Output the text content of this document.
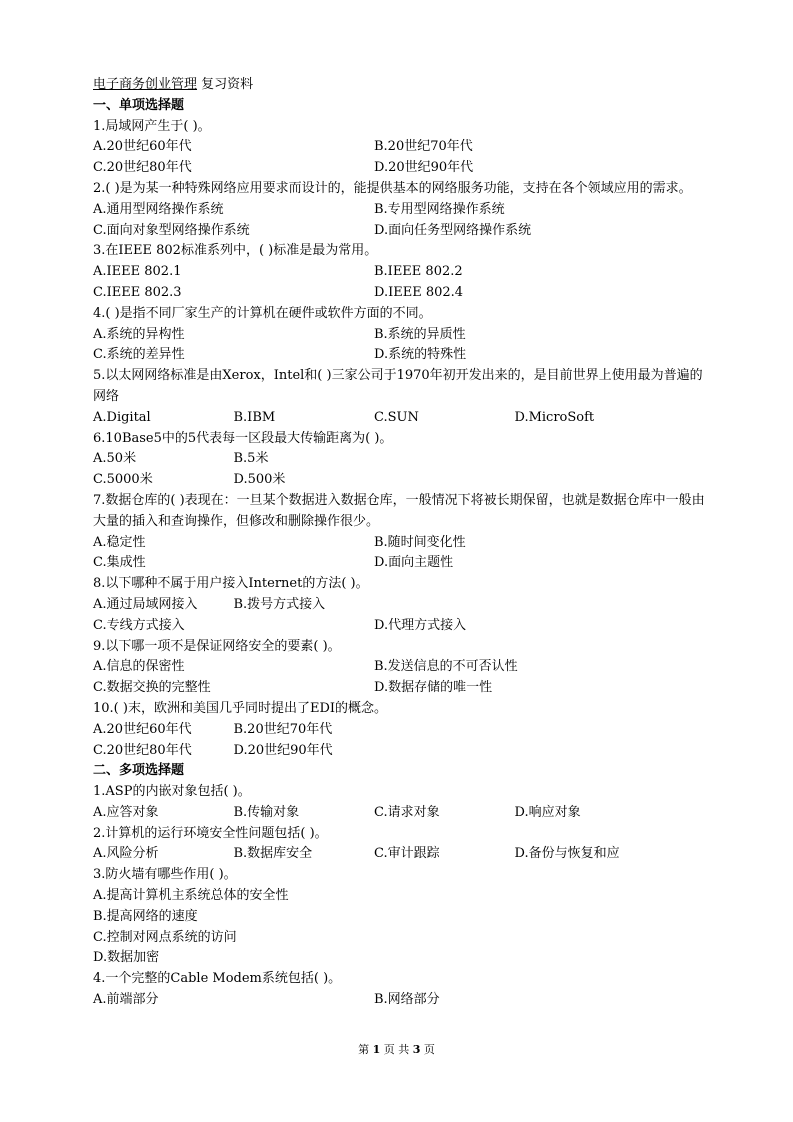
电子商务创业管理 复习资料
一、单项选择题
1.局域网产生于( )。
A.20世纪60年代	B.20世纪70年代
C.20世纪80年代	D.20世纪90年代
2.( )是为某一种特殊网络应用要求而设计的，能提供基本的网络服务功能，支持在各个领域应用的需求。
A.通用型网络操作系统	B.专用型网络操作系统
C.面向对象型网络操作系统	D.面向任务型网络操作系统
3.在IEEE 802标准系列中，( )标准是最为常用。
A.IEEE 802.1	B.IEEE 802.2
C.IEEE 802.3	D.IEEE 802.4
4.( )是指不同厂家生产的计算机在硬件或软件方面的不同。
A.系统的异构性	B.系统的异质性
C.系统的差异性	D.系统的特殊性
5.以太网网络标准是由Xerox，Intel和( )三家公司于1970年初开发出来的，是目前世界上使用最为普遍的网络
A.Digital	B.IBM	C.SUN	D.MicroSoft
6.10Base5中的5代表每一区段最大传输距离为( )。
A.50米	B.5米
C.5000米	D.500米
7.数据仓库的( )表现在：一旦某个数据进入数据仓库，一般情况下将被长期保留，也就是数据仓库中一般由大量的插入和查询操作，但修改和删除操作很少。
A.稳定性	B.随时间变化性
C.集成性	D.面向主题性
8.以下哪种不属于用户接入Internet的方法( )。
A.通过局域网接入	B.拨号方式接入
C.专线方式接入	D.代理方式接入
9.以下哪一项不是保证网络安全的要素( )。
A.信息的保密性	B.发送信息的不可否认性
C.数据交换的完整性	D.数据存储的唯一性
10.( )末，欧洲和美国几乎同时提出了EDI的概念。
A.20世纪60年代	B.20世纪70年代
C.20世纪80年代	D.20世纪90年代
二、多项选择题
1.ASP的内嵌对象包括( )。
A.应答对象	B.传输对象	C.请求对象	D.响应对象
2.计算机的运行环境安全性问题包括( )。
A.风险分析	B.数据库安全	C.审计跟踪	D.备份与恢复和应
3.防火墙有哪些作用( )。
A.提高计算机主系统总体的安全性
B.提高网络的速度
C.控制对网点系统的访问
D.数据加密
4.一个完整的Cable Modem系统包括( )。
A.前端部分	B.网络部分
第 1 页 共 3 页
